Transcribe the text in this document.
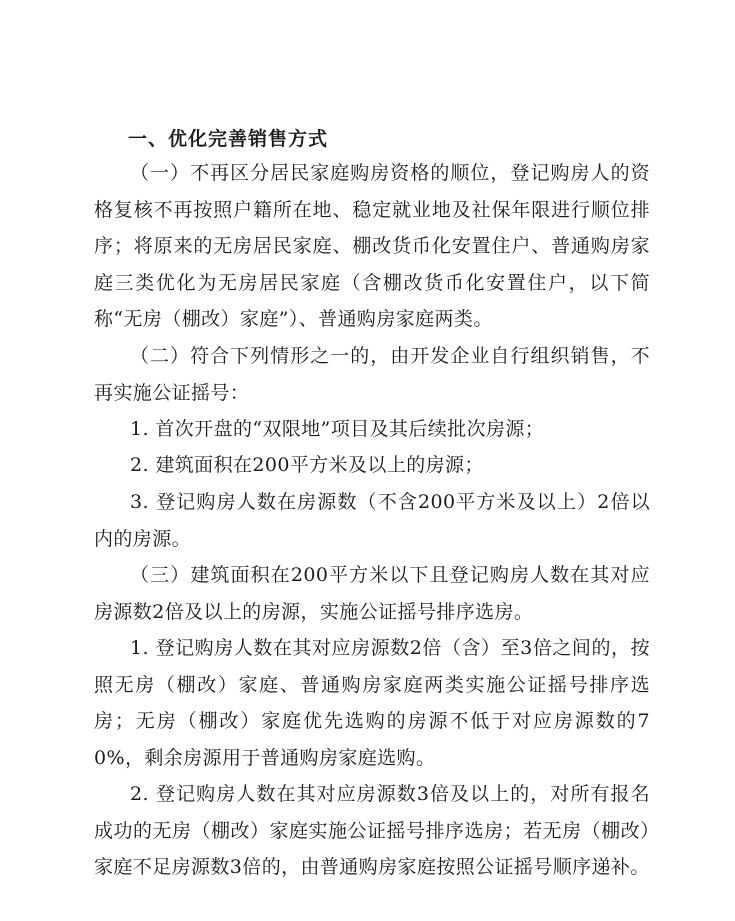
一、优化完善销售方式

（一）不再区分居民家庭购房资格的顺位，登记购房人的资格复核不再按照户籍所在地、稳定就业地及社保年限进行顺位排序；将原来的无房居民家庭、棚改货币化安置住户、普通购房家庭三类优化为无房居民家庭（含棚改货币化安置住户，以下简称“无房（棚改）家庭”）、普通购房家庭两类。

（二）符合下列情形之一的，由开发企业自行组织销售，不再实施公证摇号：

1. 首次开盘的“双限地”项目及其后续批次房源；

2. 建筑面积在200平方米及以上的房源；

3. 登记购房人数在房源数（不含200平方米及以上）2倍以内的房源。

（三）建筑面积在200平方米以下且登记购房人数在其对应房源数2倍及以上的房源，实施公证摇号排序选房。

1. 登记购房人数在其对应房源数2倍（含）至3倍之间的，按照无房（棚改）家庭、普通购房家庭两类实施公证摇号排序选房；无房（棚改）家庭优先选购的房源不低于对应房源数的70%，剩余房源用于普通购房家庭选购。

2. 登记购房人数在其对应房源数3倍及以上的，对所有报名成功的无房（棚改）家庭实施公证摇号排序选房；若无房（棚改）家庭不足房源数3倍的，由普通购房家庭按照公证摇号顺序递补。
